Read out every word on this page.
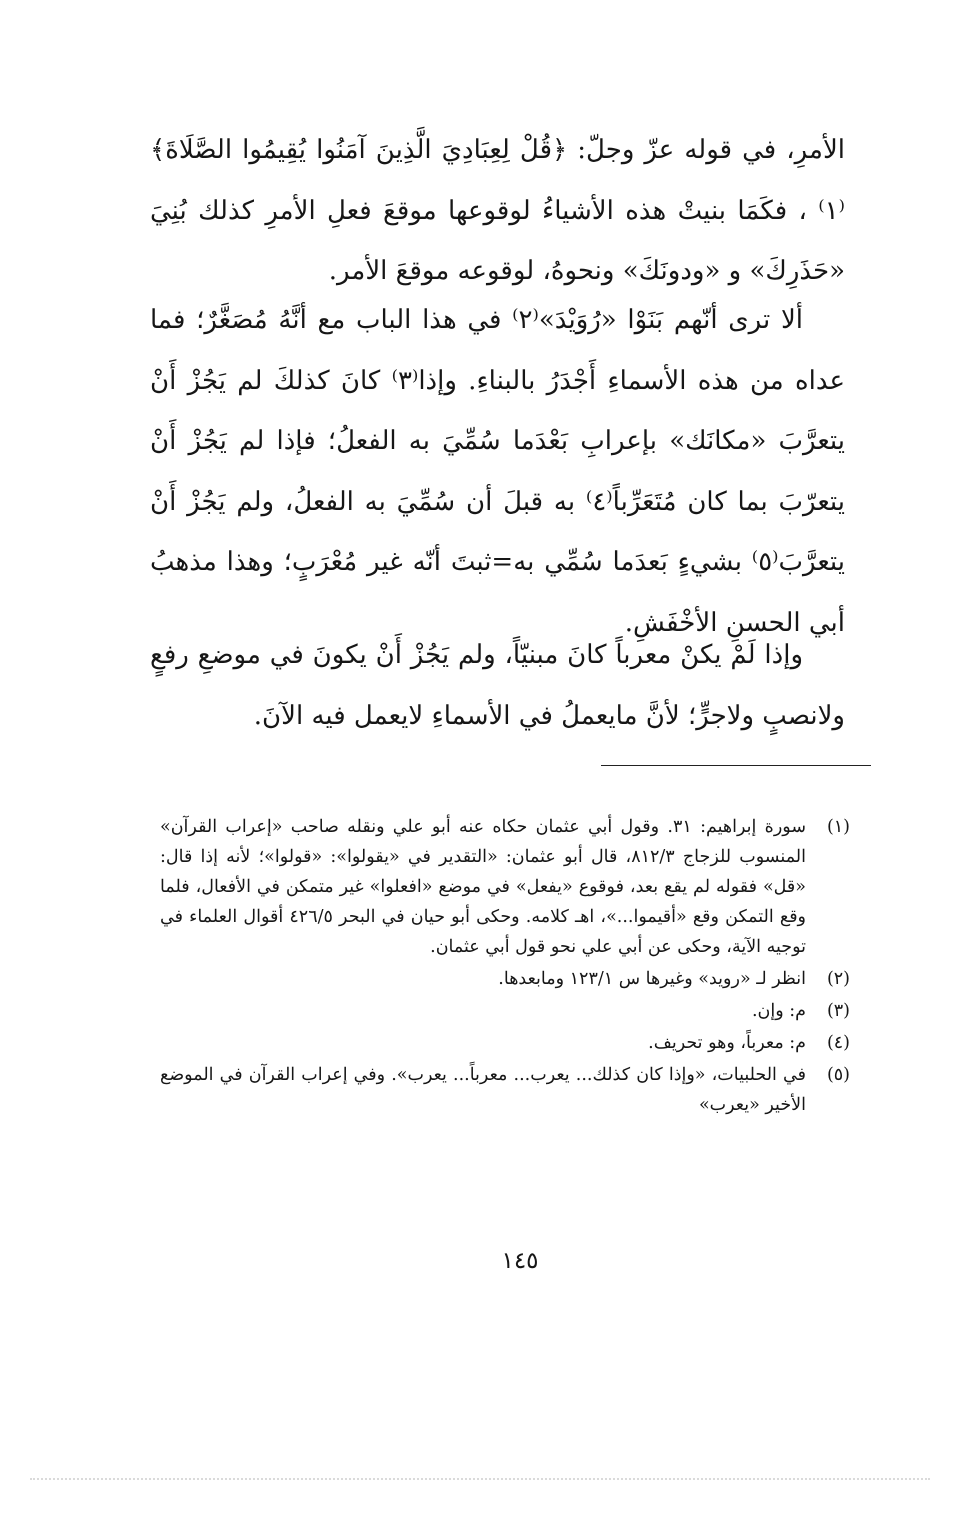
الأمرِ، في قوله عزّ وجلّ: ﴿قُلْ لِعِبَادِيَ الَّذِينَ آمَنُوا يُقِيمُوا الصَّلَاةَ﴾⁽١⁾ ، فكَمَا بنيتْ هذه الأشياءُ لوقوعها موقعَ فعلِ الأمرِ كذلك بُنِيَ «حَذَرِكَ» و «ودونَكَ» ونحوهُ، لوقوعه موقعَ الأمر.

ألا ترى أنّهم بَنَوْا «رُوَيْدَ»⁽٢⁾ في هذا الباب مع أنَّهُ مُصَغَّرٌ؛ فما عداه من هذه الأسماءِ أَجْدَرُ بالبناءِ. وإذا⁽٣⁾ كانَ كذلكَ لم يَجُزْ أَنْ يتعرَّبَ «مكانَك» بإعرابِ بَعْدَما سُمِّيَ به الفعلُ؛ فإذا لم يَجُزْ أَنْ يتعرّبَ بما كان مُتَعَرِّباً⁽٤⁾ به قبلَ أن سُمِّيَ به الفعلُ، ولم يَجُزْ أَنْ يتعرَّبَ⁽٥⁾ بشيءٍ بَعدَما سُمِّي به=ثبتَ أنّه غير مُعْرَبٍ؛ وهذا مذهبُ أبي الحسنِ الأخْفَشِ.

وإذا لَمْ يكنْ معرباً كانَ مبنيّاً، ولم يَجُزْ أَنْ يكونَ في موضعِ رفعٍ ولانصبٍ ولاجرٍّ؛ لأنَّ مايعملُ في الأسماءِ لايعمل فيه الآنَ.

(١)
سورة إبراهيم: ٣١. وقول أبي عثمان حكاه عنه أبو علي ونقله صاحب «إعراب القرآن» المنسوب للزجاج ٨١٢/٣، قال أبو عثمان: «التقدير في «يقولوا»: «قولوا»؛ لأنه إذا قال: «قل» فقوله لم يقع بعد، فوقوع «يفعل» في موضع «افعلوا» غير متمكن في الأفعال، فلما وقع التمكن وقع «أقيموا...»، اهـ كلامه. وحكى أبو حيان في البحر ٤٢٦/٥ أقوال العلماء في توجيه الآية، وحكى عن أبي علي نحو قول أبي عثمان.
(٢)
انظر لـ «رويد» وغيرها س ١٢٣/١ ومابعدها.
(٣)
م: وإن.
(٤)
م: معرباً، وهو تحريف.
(٥)
في الحلبيات، «وإذا كان كذلك... يعرب... معرباً... يعرب». وفي إعراب القرآن في الموضع الأخير «يعرب»
١٤٥
